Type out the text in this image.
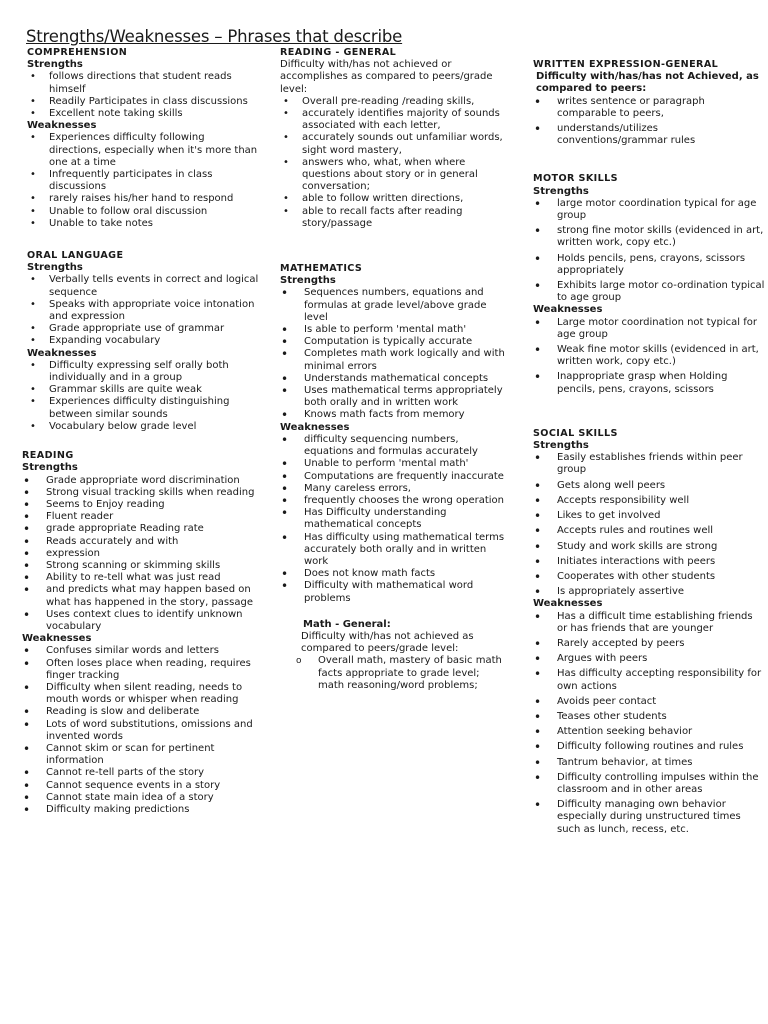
Strengths/Weaknesses – Phrases that describe

COMPREHENSION

Strengths

• follows directions that student reads himself
• Readily Participates in class discussions
• Excellent note taking skills

Weaknesses

• Experiences difficulty following directions, especially when it's more than one at a time
• Infrequently participates in class discussions
• rarely raises his/her hand to respond
• Unable to follow oral discussion
• Unable to take notes

ORAL LANGUAGE

Strengths

• Verbally tells events in correct and logical sequence
• Speaks with appropriate voice intonation and expression
• Grade appropriate use of grammar
• Expanding vocabulary

Weaknesses

• Difficulty expressing self orally both individually and in a group
• Grammar skills are quite weak
• Experiences difficulty distinguishing between similar sounds
• Vocabulary below grade level

READING

Strengths

• Grade appropriate word discrimination
• Strong visual tracking skills when reading
• Seems to Enjoy reading
• Fluent reader
• grade appropriate Reading rate
• Reads accurately and with
• expression
• Strong scanning or skimming skills
• Ability to re-tell what was just read
• and predicts what may happen based on what has happened in the story, passage
• Uses context clues to identify unknown vocabulary

Weaknesses

• Confuses similar words and letters
• Often loses place when reading, requires finger tracking
• Difficulty when silent reading, needs to mouth words or whisper when reading
• Reading is slow and deliberate
• Lots of word substitutions, omissions and invented words
• Cannot skim or scan for pertinent information
• Cannot re-tell parts of the story
• Cannot sequence events in a story
• Cannot state main idea of a story
• Difficulty making predictions

READING - GENERAL

Difficulty with/has not achieved or accomplishes as compared to peers/grade level:

• Overall pre-reading /reading skills,
• accurately identifies majority of sounds associated with each letter,
• accurately sounds out unfamiliar words, sight word mastery,
• answers who, what, when where questions about story or in general conversation;
• able to follow written directions,
• able to recall facts after reading story/passage

MATHEMATICS

Strengths

• Sequences numbers, equations and formulas at grade level/above grade level
• Is able to perform 'mental math'
• Computation is typically accurate
• Completes math work logically and with minimal errors
• Understands mathematical concepts
• Uses mathematical terms appropriately both orally and in written work
• Knows math facts from memory

Weaknesses

• difficulty sequencing numbers, equations and formulas accurately
• Unable to perform 'mental math'
• Computations are frequently inaccurate
• Many careless errors,
• frequently chooses the wrong operation
• Has Difficulty understanding mathematical concepts
• Has difficulty using mathematical terms accurately both orally and in written work
• Does not know math facts
• Difficulty with mathematical word problems

Math - General:

Difficulty with/has not achieved as compared to peers/grade level:

o Overall math, mastery of basic math facts appropriate to grade level; math reasoning/word problems;

WRITTEN EXPRESSION-GENERAL

Difficulty with/has/has not Achieved, as compared to peers:

• writes sentence or paragraph comparable to peers,
• understands/utilizes conventions/grammar rules

MOTOR SKILLS

Strengths

• large motor coordination typical for age group
• strong fine motor skills (evidenced in art, written work, copy etc.)
• Holds pencils, pens, crayons, scissors appropriately
• Exhibits large motor co-ordination typical to age group

Weaknesses

• Large motor coordination not typical for age group
• Weak fine motor skills (evidenced in art, written work, copy etc.)
• Inappropriate grasp when Holding pencils, pens, crayons, scissors

SOCIAL SKILLS

Strengths

• Easily establishes friends within peer group
• Gets along well peers
• Accepts responsibility well
• Likes to get involved
• Accepts rules and routines well
• Study and work skills are strong
• Initiates interactions with peers
• Cooperates with other students
• Is appropriately assertive

Weaknesses

• Has a difficult time establishing friends or has friends that are younger
• Rarely accepted by peers
• Argues with peers
• Has difficulty accepting responsibility for own actions
• Avoids peer contact
• Teases other students
• Attention seeking behavior
• Difficulty following routines and rules
• Tantrum behavior, at times
• Difficulty controlling impulses within the classroom and in other areas
• Difficulty managing own behavior especially during unstructured times such as lunch, recess, etc.
